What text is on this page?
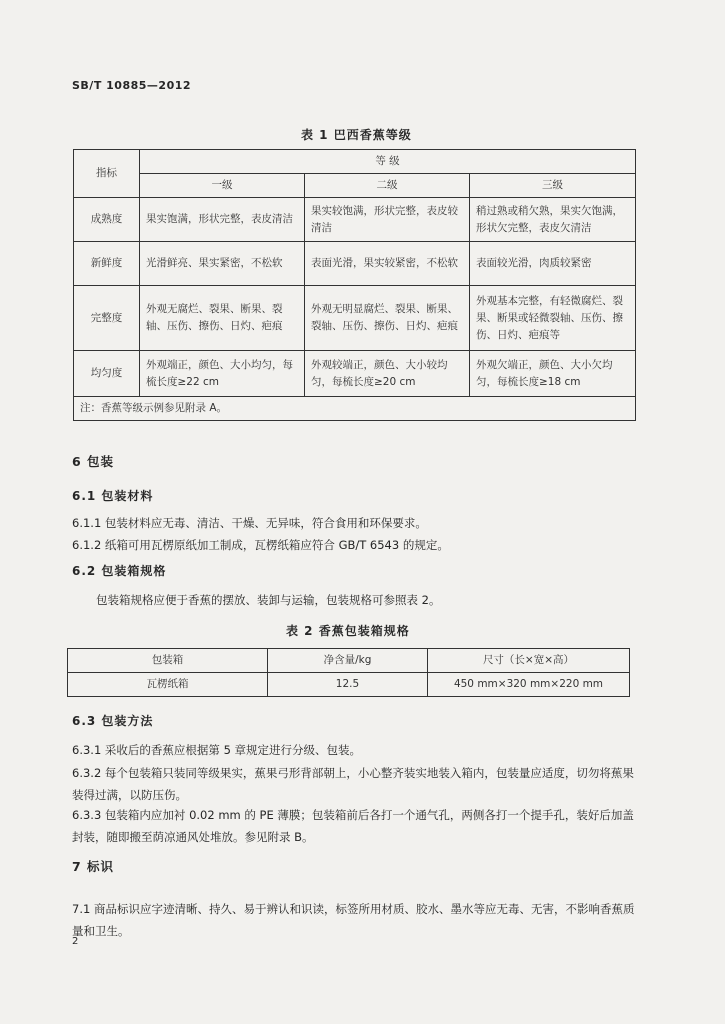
SB/T 10885—2012
表 1 巴西香蕉等级
指标	等 级		
	一级	二级	三级
成熟度	果实饱满，形状完整，表皮清洁	果实较饱满，形状完整，表皮较清洁	稍过熟或稍欠熟，果实欠饱满，形状欠完整，表皮欠清洁
新鲜度	光滑鲜亮、果实紧密，不松软	表面光滑，果实较紧密，不松软	表面较光滑，肉质较紧密
完整度	外观无腐烂、裂果、断果、裂轴、压伤、擦伤、日灼、疤痕	外观无明显腐烂、裂果、断果、裂轴、压伤、擦伤、日灼、疤痕	外观基本完整，有轻微腐烂、裂果、断果或轻微裂轴、压伤、擦伤、日灼、疤痕等
均匀度	外观端正，颜色、大小均匀，每梳长度≥22 cm	外观较端正，颜色、大小较均匀，每梳长度≥20 cm	外观欠端正，颜色、大小欠均匀，每梳长度≥18 cm
注：香蕉等级示例参见附录 A。			
6 包装
6.1 包装材料
6.1.1 包装材料应无毒、清洁、干燥、无异味，符合食用和环保要求。
6.1.2 纸箱可用瓦楞原纸加工制成，瓦楞纸箱应符合 GB/T 6543 的规定。
6.2 包装箱规格
包装箱规格应便于香蕉的摆放、装卸与运输，包装规格可参照表 2。
表 2 香蕉包装箱规格
包装箱	净含量/kg	尺寸（长×宽×高）
瓦楞纸箱	12.5	450 mm×320 mm×220 mm
6.3 包装方法
6.3.1 采收后的香蕉应根据第 5 章规定进行分级、包装。
6.3.2 每个包装箱只装同等级果实，蕉果弓形背部朝上，小心整齐装实地装入箱内，包装量应适度，切勿将蕉果装得过满，以防压伤。
6.3.3 包装箱内应加衬 0.02 mm 的 PE 薄膜；包装箱前后各打一个通气孔，两侧各打一个提手孔，装好后加盖封装，随即搬至荫凉通风处堆放。参见附录 B。
7 标识
7.1 商品标识应字迹清晰、持久、易于辨认和识读，标签所用材质、胶水、墨水等应无毒、无害，不影响香蕉质量和卫生。
2
